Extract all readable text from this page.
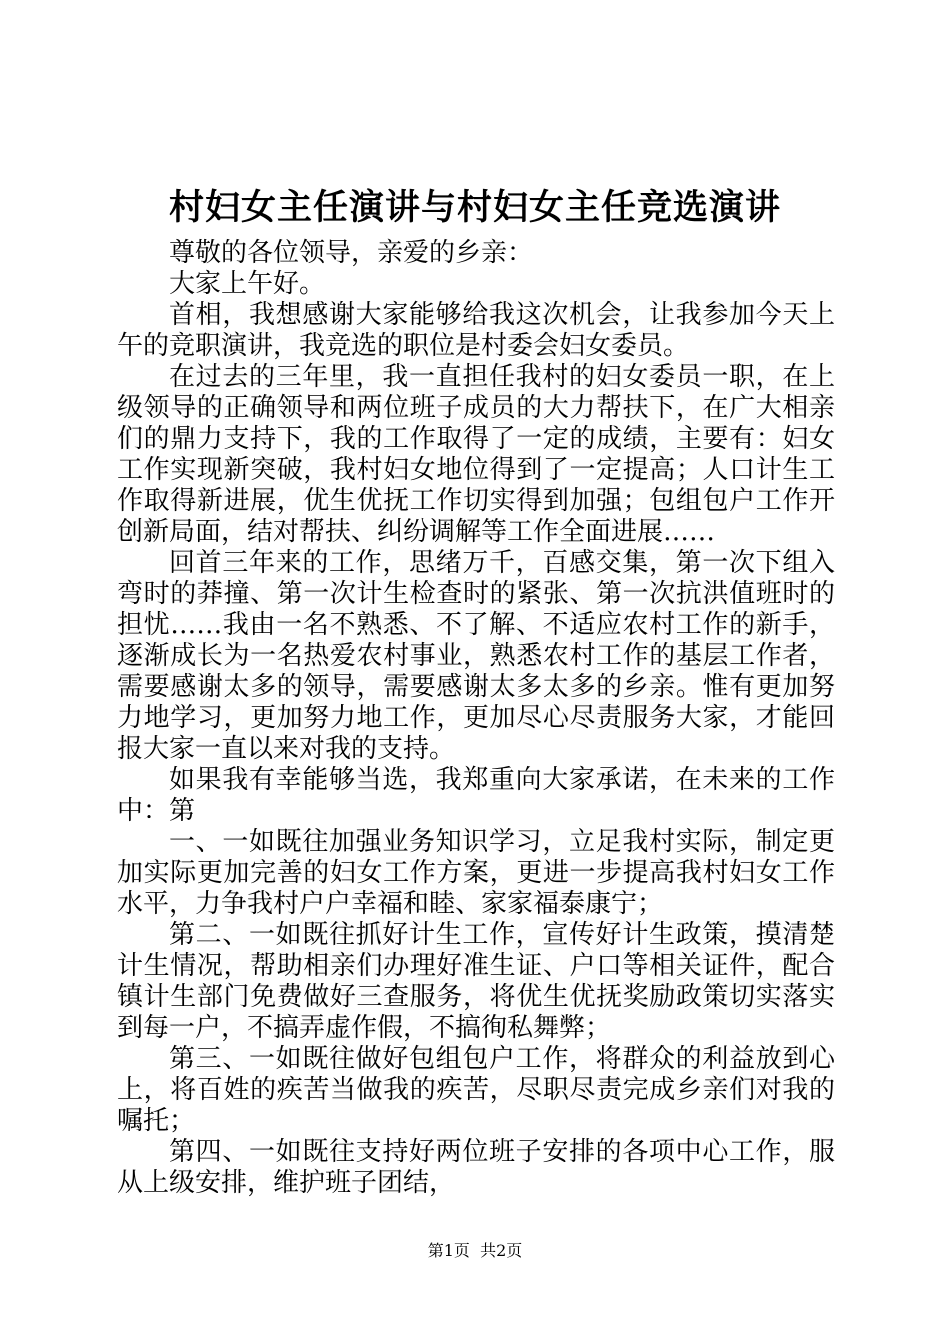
村妇女主任演讲与村妇女主任竞选演讲

尊敬的各位领导，亲爱的乡亲：

大家上午好。

首相，我想感谢大家能够给我这次机会，让我参加今天上午的竞职演讲，我竞选的职位是村委会妇女委员。

在过去的三年里，我一直担任我村的妇女委员一职，在上级领导的正确领导和两位班子成员的大力帮扶下，在广大相亲们的鼎力支持下，我的工作取得了一定的成绩，主要有：妇女工作实现新突破，我村妇女地位得到了一定提高；人口计生工作取得新进展，优生优抚工作切实得到加强；包组包户工作开创新局面，结对帮扶、纠纷调解等工作全面进展……

回首三年来的工作，思绪万千，百感交集，第一次下组入弯时的莽撞、第一次计生检查时的紧张、第一次抗洪值班时的担忧……我由一名不熟悉、不了解、不适应农村工作的新手，逐渐成长为一名热爱农村事业，熟悉农村工作的基层工作者，需要感谢太多的领导，需要感谢太多太多的乡亲。惟有更加努力地学习，更加努力地工作，更加尽心尽责服务大家，才能回报大家一直以来对我的支持。

如果我有幸能够当选，我郑重向大家承诺，在未来的工作中：第

一、一如既往加强业务知识学习，立足我村实际，制定更加实际更加完善的妇女工作方案，更进一步提高我村妇女工作水平，力争我村户户幸福和睦、家家福泰康宁；

第二、一如既往抓好计生工作，宣传好计生政策，摸清楚计生情况，帮助相亲们办理好准生证、户口等相关证件，配合镇计生部门免费做好三查服务，将优生优抚奖励政策切实落实到每一户，不搞弄虚作假，不搞徇私舞弊；

第三、一如既往做好包组包户工作，将群众的利益放到心上，将百姓的疾苦当做我的疾苦，尽职尽责完成乡亲们对我的嘱托；

第四、一如既往支持好两位班子安排的各项中心工作，服从上级安排，维护班子团结，

第1页  共2页
